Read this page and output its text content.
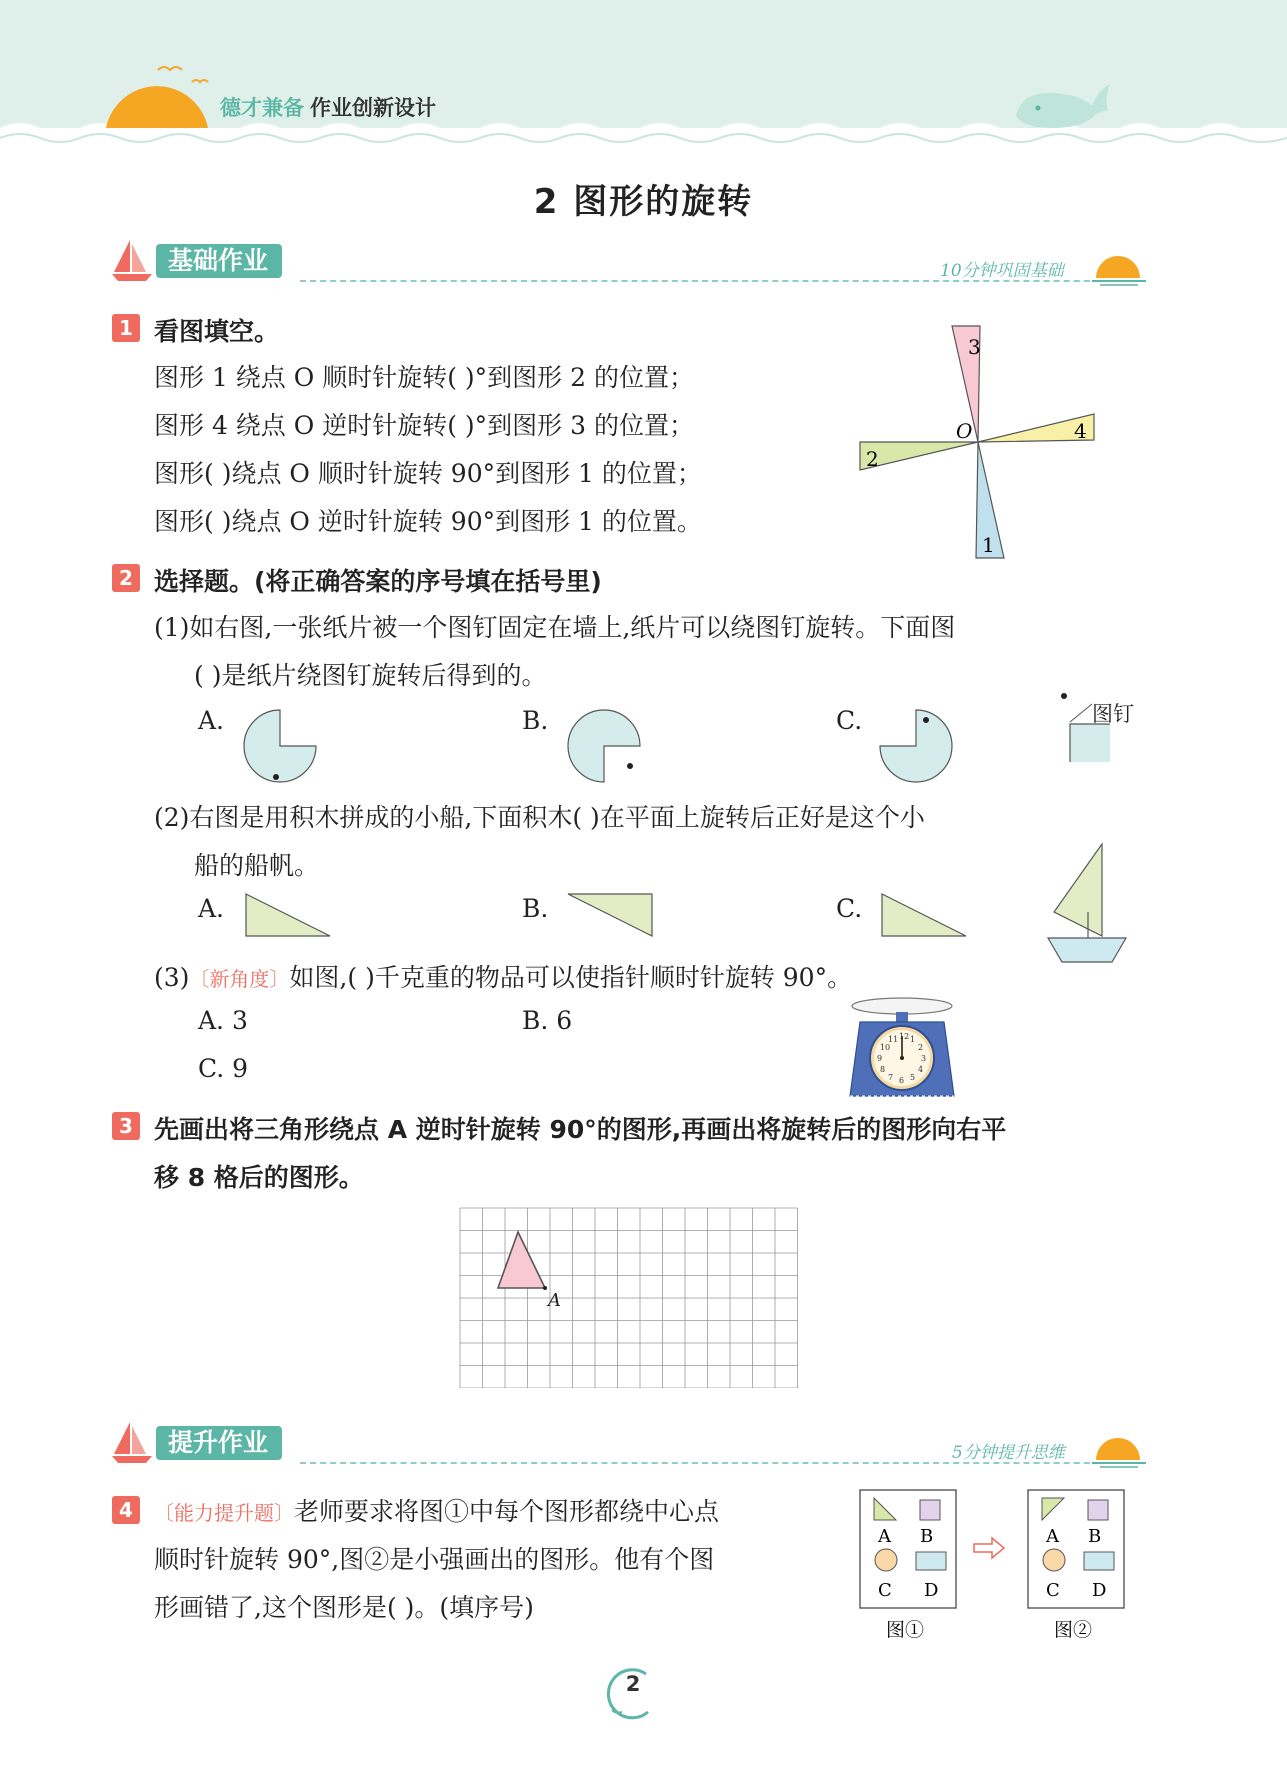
德才兼备 作业创新设计
2 图形的旋转
基础作业	10分钟巩固基础
1 看图填空。
图形 1 绕点 O 顺时针旋转( )°到图形 2 的位置；
图形 4 绕点 O 逆时针旋转( )°到图形 3 的位置；
图形( )绕点 O 顺时针旋转 90°到图形 1 的位置；
图形( )绕点 O 逆时针旋转 90°到图形 1 的位置。
3
4
2
1
O
2 选择题。(将正确答案的序号填在括号里)
(1)如右图,一张纸片被一个图钉固定在墙上,纸片可以绕图钉旋转。下面图
( )是纸片绕图钉旋转后得到的。
A.	B.	C.	图钉
(2)右图是用积木拼成的小船,下面积木( )在平面上旋转后正好是这个小
船的船帆。
A.	B.	C.
(3)〔新角度〕如图,( )千克重的物品可以使指针顺时针旋转 90°。
A. 3	B. 6
C. 9
12 1
2
3
4
5
6
7
8
9
10
11
3 先画出将三角形绕点 A 逆时针旋转 90°的图形,再画出将旋转后的图形向右平
移 8 格后的图形。
A
提升作业	5分钟提升思维
4	〔能力提升题〕老师要求将图①中每个图形都绕中心点
顺时针旋转 90°,图②是小强画出的图形。他有个图
形画错了,这个图形是( )。(填序号)
A B
C D
A B
C D
图①	图②
2
